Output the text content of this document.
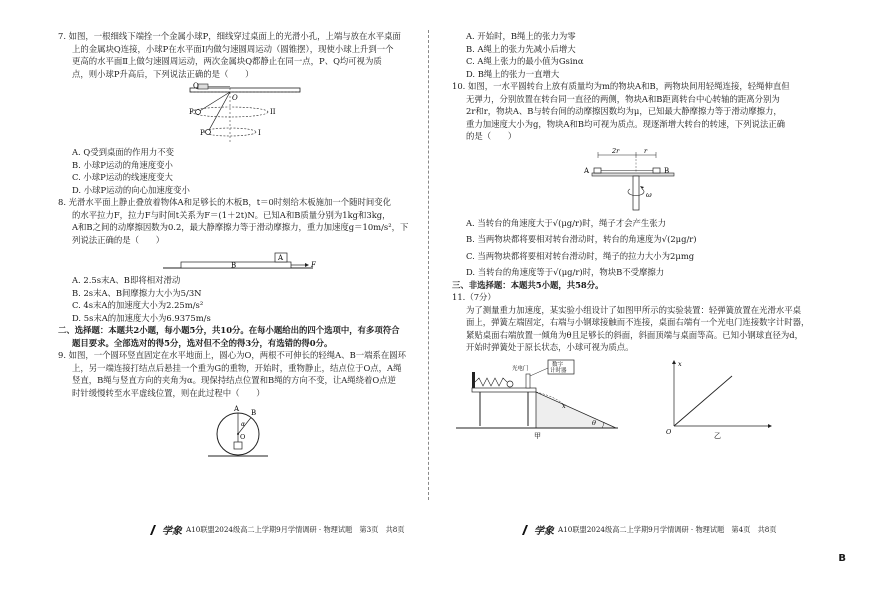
7. 如图，一根细线下端拴一个金属小球P，细线穿过桌面上的光滑小孔，上端与放在水平桌面
上的金属块Q连接，小球P在水平面Ⅰ内做匀速圆周运动（圆锥摆），现使小球上升到一个
更高的水平面Ⅱ上做匀速圆周运动，两次金属块Q都静止在同一点，P、Q均可视为质
点，则小球P升高后，下列说法正确的是（　　）
Q
O
P
P
II
I
A. Q受到桌面的作用力不变
B. 小球P运动的角速度变小
C. 小球P运动的线速度变大
D. 小球P运动的向心加速度变小
8. 光滑水平面上静止叠放着物体A和足够长的木板B，t＝0时刻给木板施加一个随时间变化
的水平拉力F，拉力F与时间t关系为F＝(1＋2t)N。已知A和B质量分别为1kg和3kg，
A和B之间的动摩擦因数为0.2，最大静摩擦力等于滑动摩擦力，重力加速度g＝10m/s²，下
列说法正确的是（　　）
A
B	F
A. 2.5s末A、B即将相对滑动
B. 2s末A、B间摩擦力大小为5/3N
C. 4s末A的加速度大小为2.25m/s²
D. 5s末A的加速度大小为6.9375m/s
二、选择题：本题共2小题，每小题5分，共10分。在每小题给出的四个选项中，有多项符合
题目要求。全部选对的得5分，选对但不全的得3分，有选错的得0分。
9. 如图，一个圆环竖直固定在水平地面上，圆心为O，两根不可伸长的轻绳A、B一端系在圆环
上，另一端连接打结点后悬挂一个重为G的重物，开始时，重物静止，结点位于O点，A绳
竖直，B绳与竖直方向的夹角为α。现保持结点位置和B绳的方向不变，让A绳绕着O点逆
时针缓慢转至水平虚线位置，则在此过程中（　　）
A B
O
α
A. 开始时，B绳上的张力为零
B. A绳上的张力先减小后增大
C. A绳上张力的最小值为Gsinα
D. B绳上的张力一直增大
10. 如图，一水平圆转台上放有质量均为m的物块A和B，两物块间用轻绳连接，轻绳伸直但
无弹力，分别放置在转台同一直径的两侧，物块A和B距离转台中心转轴的距离分别为
2r和r，物块A、B与转台间的动摩擦因数均为μ，已知最大静摩擦力等于滑动摩擦力，
重力加速度大小为g，物块A和B均可视为质点。现逐渐增大转台的转速，下列说法正确
的是（　　）
2r	r
A	B
ω
A. 当转台的角速度大于√(μg/r)时，绳子才会产生张力
B. 当两物块都将要相对转台滑动时，转台的角速度为√(2μg/r)
C. 当两物块都将要相对转台滑动时，绳子的拉力大小为2μmg
D. 当转台的角速度等于√(μg/r)时，物块B不受摩擦力
三、非选择题：本题共5小题，共58分。
11.（7分）
为了测量重力加速度，某实验小组设计了如图甲所示的实验装置：轻弹簧放置在光滑水平桌
面上，弹簧左端固定，右端与小钢球接触而不连接，桌面右端有一个光电门连接数字计时器，
紧贴桌面右端放置一倾角为θ且足够长的斜面，斜面顶端与桌面等高。已知小钢球直径为d，
开始时弹簧处于原长状态，小球可视为质点。
数字
计时器
光电门
x
θ
甲
x
O	乙
学象 A10联盟2024级高二上学期9月学情调研 · 物理试题　第3页　共8页	学象 A10联盟2024级高二上学期9月学情调研 · 物理试题　第4页　共8页
B
